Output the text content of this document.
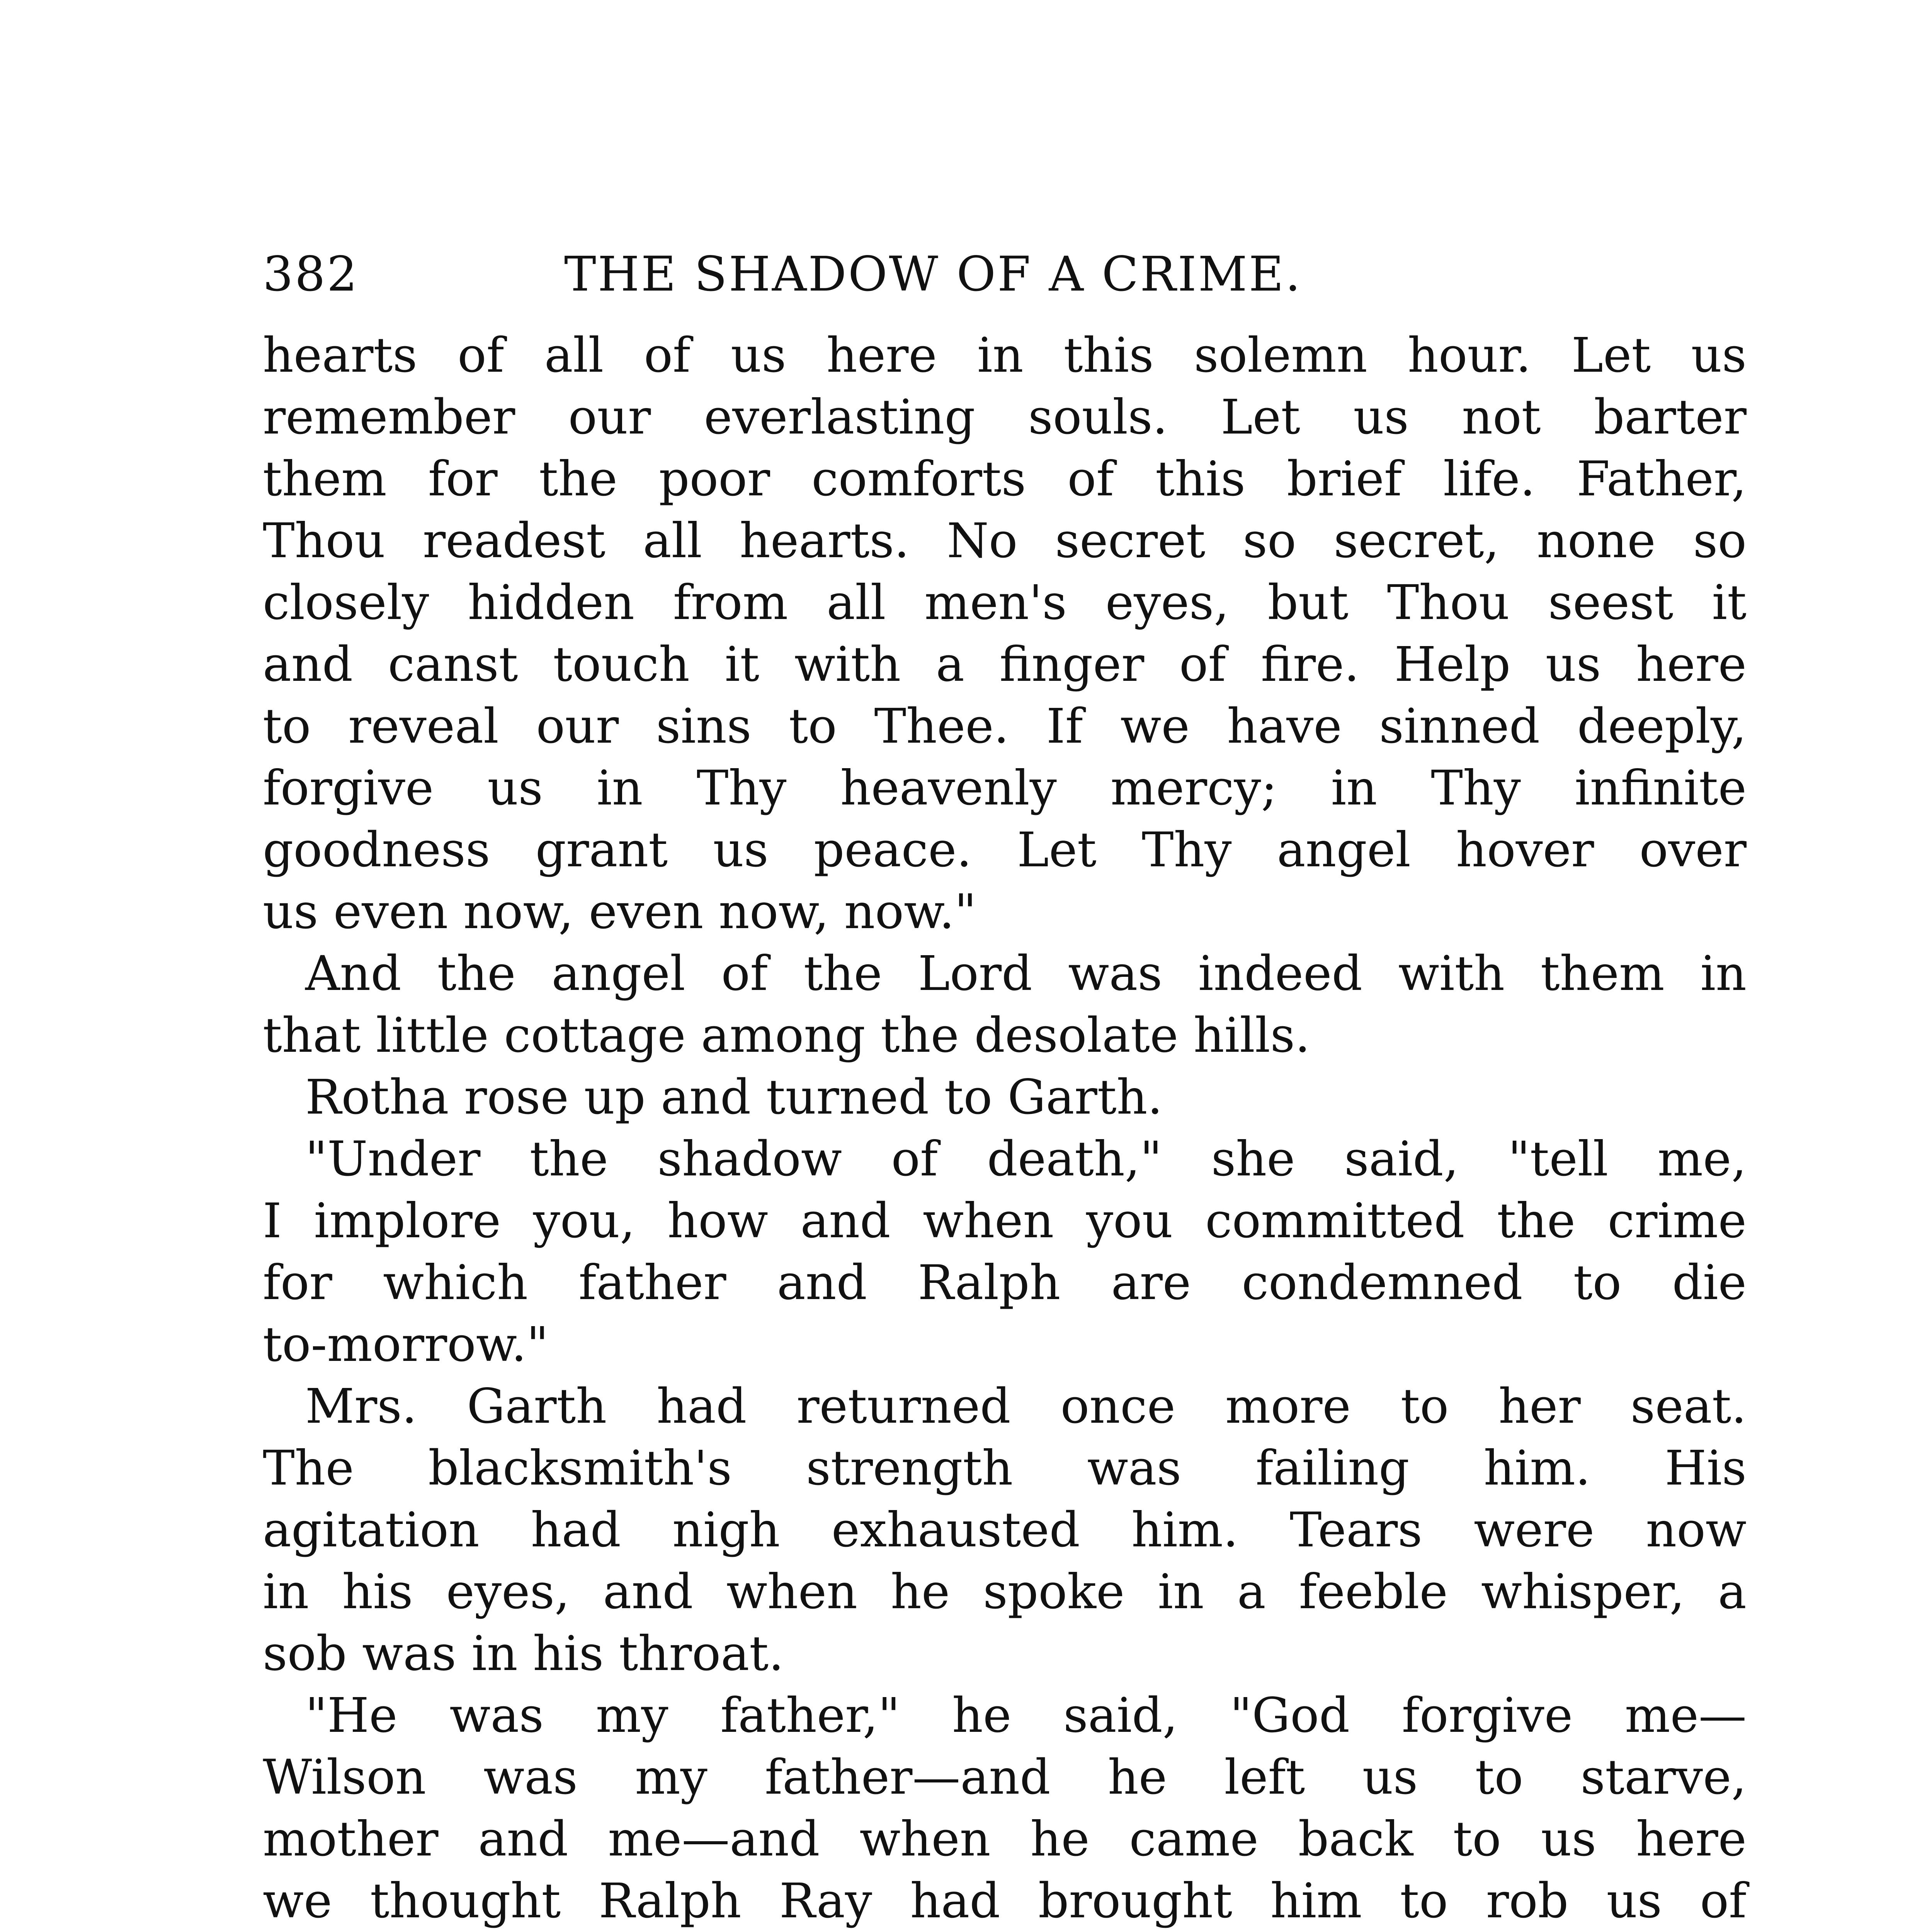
382	THE SHADOW OF A CRIME.
hearts of all of us here in this solemn hour. Let us
remember our everlasting souls. Let us not barter
them for the poor comforts of this brief life. Father,
Thou readest all hearts. No secret so secret, none so
closely hidden from all men's eyes, but Thou seest it
and canst touch it with a finger of fire. Help us here
to reveal our sins to Thee. If we have sinned deeply,
forgive us in Thy heavenly mercy; in Thy infinite
goodness grant us peace. Let Thy angel hover over
us even now, even now, now."
And the angel of the Lord was indeed with them in
that little cottage among the desolate hills.
Rotha rose up and turned to Garth.
"Under the shadow of death," she said, "tell me,
I implore you, how and when you committed the crime
for which father and Ralph are condemned to die
to-morrow."
Mrs. Garth had returned once more to her seat.
The blacksmith's strength was failing him. His
agitation had nigh exhausted him. Tears were now
in his eyes, and when he spoke in a feeble whisper, a
sob was in his throat.
"He was my father," he said, "God forgive me—
Wilson was my father—and he left us to starve,
mother and me—and when he came back to us here
we thought Ralph Ray had brought him to rob us of
